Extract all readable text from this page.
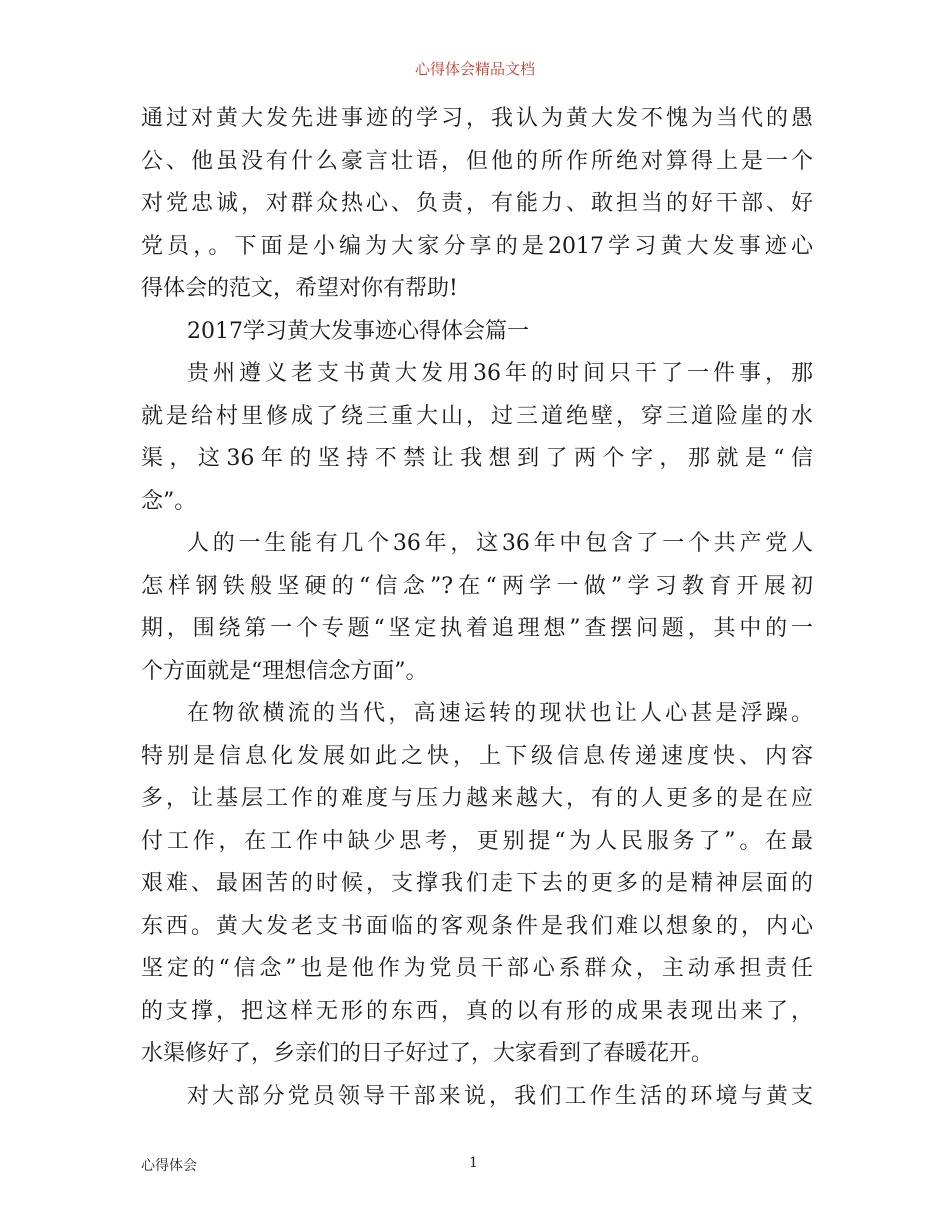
心得体会精品文档
通过对黄大发先进事迹的学习，我认为黄大发不愧为当代的愚
公、他虽没有什么豪言壮语，但他的所作所绝对算得上是一个
对党忠诚，对群众热心、负责，有能力、敢担当的好干部、好
党员，。下面是小编为大家分享的是2017学习黄大发事迹心
得体会的范文，希望对你有帮助!
2017学习黄大发事迹心得体会篇一
贵州遵义老支书黄大发用36年的时间只干了一件事，那
就是给村里修成了绕三重大山，过三道绝壁，穿三道险崖的水
渠，这36年的坚持不禁让我想到了两个字，那就是“信
念”。
人的一生能有几个36年，这36年中包含了一个共产党人
怎样钢铁般坚硬的“信念”?在“两学一做”学习教育开展初
期，围绕第一个专题“坚定执着追理想”查摆问题，其中的一
个方面就是“理想信念方面”。
在物欲横流的当代，高速运转的现状也让人心甚是浮躁。
特别是信息化发展如此之快，上下级信息传递速度快、内容
多，让基层工作的难度与压力越来越大，有的人更多的是在应
付工作，在工作中缺少思考，更别提“为人民服务了”。在最
艰难、最困苦的时候，支撑我们走下去的更多的是精神层面的
东西。黄大发老支书面临的客观条件是我们难以想象的，内心
坚定的“信念”也是他作为党员干部心系群众，主动承担责任
的支撑，把这样无形的东西，真的以有形的成果表现出来了，
水渠修好了，乡亲们的日子好过了，大家看到了春暖花开。
对大部分党员领导干部来说，我们工作生活的环境与黄支
心得体会	1
